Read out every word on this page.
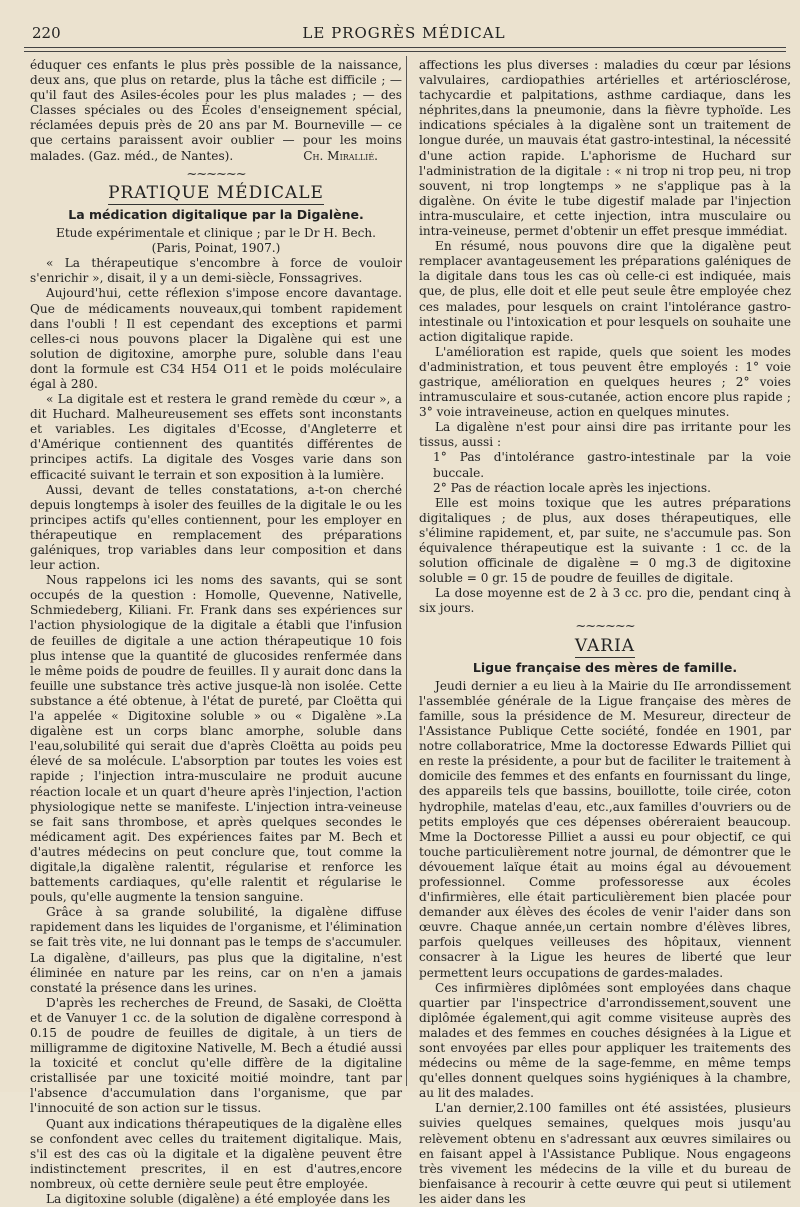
220	LE PROGRÈS MÉDICAL

éduquer ces enfants le plus près possible de la naissance, deux ans, que plus on retarde, plus la tâche est difficile ; — qu'il faut des Asiles-écoles pour les plus malades ; — des Classes spéciales ou des Écoles d'enseignement spécial, réclamées depuis près de 20 ans par M. Bourneville — ce que certains paraissent avoir oublier — pour les moins malades. (Gaz. méd., de Nantes).	Ch. Mirallié.

~~~~~~

PRATIQUE MÉDICALE

La médication digitalique par la Digalène.

Etude expérimentale et clinique ; par le Dr H. Bech.

(Paris, Poinat, 1907.)

« La thérapeutique s'encombre à force de vouloir s'enrichir », disait, il y a un demi-siècle, Fonssagrives.

Aujourd'hui, cette réflexion s'impose encore davantage. Que de médicaments nouveaux,qui tombent rapidement dans l'oubli ! Il est cependant des exceptions et parmi celles-ci nous pouvons placer la Digalène qui est une solution de digitoxine, amorphe pure, soluble dans l'eau dont la formule est C34 H54 O11 et le poids moléculaire égal à 280.

« La digitale est et restera le grand remède du cœur », a dit Huchard. Malheureusement ses effets sont inconstants et variables. Les digitales d'Ecosse, d'Angleterre et d'Amérique contiennent des quantités différentes de principes actifs. La digitale des Vosges varie dans son efficacité suivant le terrain et son exposition à la lumière.

Aussi, devant de telles constatations, a-t-on cherché depuis longtemps à isoler des feuilles de la digitale le ou les principes actifs qu'elles contiennent, pour les employer en thérapeutique en remplacement des préparations galéniques, trop variables dans leur composition et dans leur action.

Nous rappelons ici les noms des savants, qui se sont occupés de la question : Homolle, Quevenne, Nativelle, Schmiedeberg, Kiliani. Fr. Frank dans ses expériences sur l'action physiologique de la digitale a établi que l'infusion de feuilles de digitale a une action thérapeutique 10 fois plus intense que la quantité de glucosides renfermée dans le même poids de poudre de feuilles. Il y aurait donc dans la feuille une substance très active jusque-là non isolée. Cette substance a été obtenue, à l'état de pureté, par Cloëtta qui l'a appelée « Digitoxine soluble » ou « Digalène ».La digalène est un corps blanc amorphe, soluble dans l'eau,solubilité qui serait due d'après Cloëtta au poids peu élevé de sa molécule. L'absorption par toutes les voies est rapide ; l'injection intra-musculaire ne produit aucune réaction locale et un quart d'heure après l'injection, l'action physiologique nette se manifeste. L'injection intra-veineuse se fait sans thrombose, et après quelques secondes le médicament agit. Des expériences faites par M. Bech et d'autres médecins on peut conclure que, tout comme la digitale,la digalène ralentit, régularise et renforce les battements cardiaques, qu'elle ralentit et régularise le pouls, qu'elle augmente la tension sanguine.

Grâce à sa grande solubilité, la digalène diffuse rapidement dans les liquides de l'organisme, et l'élimination se fait très vite, ne lui donnant pas le temps de s'accumuler. La digalène, d'ailleurs, pas plus que la digitaline, n'est éliminée en nature par les reins, car on n'en a jamais constaté la présence dans les urines.

D'après les recherches de Freund, de Sasaki, de Cloëtta et de Vanuyer 1 cc. de la solution de digalène correspond à 0.15 de poudre de feuilles de digitale, à un tiers de milligramme de digitoxine Nativelle, M. Bech a étudié aussi la toxicité et conclut qu'elle diffère de la digitaline cristallisée par une toxicité moitié moindre, tant par l'absence d'accumulation dans l'organisme, que par l'innocuité de son action sur le tissus.

Quant aux indications thérapeutiques de la digalène elles se confondent avec celles du traitement digitalique. Mais, s'il est des cas où la digitale et la digalène peuvent être indistinctement prescrites, il en est d'autres,encore nombreux, où cette dernière seule peut être employée.

La digitoxine soluble (digalène) a été employée dans les

affections les plus diverses : maladies du cœur par lésions valvulaires, cardiopathies artérielles et artériosclérose, tachycardie et palpitations, asthme cardiaque, dans les néphrites,dans la pneumonie, dans la fièvre typhoïde. Les indications spéciales à la digalène sont un traitement de longue durée, un mauvais état gastro-intestinal, la nécessité d'une action rapide. L'aphorisme de Huchard sur l'administration de la digitale : « ni trop ni trop peu, ni trop souvent, ni trop longtemps » ne s'applique pas à la digalène. On évite le tube digestif malade par l'injection intra-musculaire, et cette injection, intra musculaire ou intra-veineuse, permet d'obtenir un effet presque immédiat.

En résumé, nous pouvons dire que la digalène peut remplacer avantageusement les préparations galéniques de la digitale dans tous les cas où celle-ci est indiquée, mais que, de plus, elle doit et elle peut seule être employée chez ces malades, pour lesquels on craint l'intolérance gastro-intestinale ou l'intoxication et pour lesquels on souhaite une action digitalique rapide.

L'amélioration est rapide, quels que soient les modes d'administration, et tous peuvent être employés : 1° voie gastrique, amélioration en quelques heures ; 2° voies intramusculaire et sous-cutanée, action encore plus rapide ; 3° voie intraveineuse, action en quelques minutes.

La digalène n'est pour ainsi dire pas irritante pour les tissus, aussi :

1° Pas d'intolérance gastro-intestinale par la voie buccale.

2° Pas de réaction locale après les injections.

Elle est moins toxique que les autres préparations digitaliques ; de plus, aux doses thérapeutiques, elle s'élimine rapidement, et, par suite, ne s'accumule pas. Son équivalence thérapeutique est la suivante : 1 cc. de la solution officinale de digalène = 0 mg.3 de digitoxine soluble = 0 gr. 15 de poudre de feuilles de digitale.

La dose moyenne est de 2 à 3 cc. pro die, pendant cinq à six jours.

~~~~~~

VARIA

Ligue française des mères de famille.

Jeudi dernier a eu lieu à la Mairie du IIe arrondissement l'assemblée générale de la Ligue française des mères de famille, sous la présidence de M. Mesureur, directeur de l'Assistance Publique Cette société, fondée en 1901, par notre collaboratrice, Mme la doctoresse Edwards Pilliet qui en reste la présidente, a pour but de faciliter le traitement à domicile des femmes et des enfants en fournissant du linge, des appareils tels que bassins, bouillotte, toile cirée, coton hydrophile, matelas d'eau, etc.,aux familles d'ouvriers ou de petits employés que ces dépenses obéreraient beaucoup. Mme la Doctoresse Pilliet a aussi eu pour objectif, ce qui touche particulièrement notre journal, de démontrer que le dévouement laïque était au moins égal au dévouement professionnel. Comme professoresse aux écoles d'infirmières, elle était particulièrement bien placée pour demander aux élèves des écoles de venir l'aider dans son œuvre. Chaque année,un certain nombre d'élèves libres, parfois quelques veilleuses des hôpitaux, viennent consacrer à la Ligue les heures de liberté que leur permettent leurs occupations de gardes-malades.

Ces infirmières diplômées sont employées dans chaque quartier par l'inspectrice d'arrondissement,souvent une diplômée également,qui agit comme visiteuse auprès des malades et des femmes en couches désignées à la Ligue et sont envoyées par elles pour appliquer les traitements des médecins ou même de la sage-femme, en même temps qu'elles donnent quelques soins hygiéniques à la chambre, au lit des malades.

L'an dernier,2.100 familles ont été assistées, plusieurs suivies quelques semaines, quelques mois jusqu'au relèvement obtenu en s'adressant aux œuvres similaires ou en faisant appel à l'Assistance Publique. Nous engageons très vivement les médecins de la ville et du bureau de bienfaisance à recourir à cette œuvre qui peut si utilement les aider dans les
